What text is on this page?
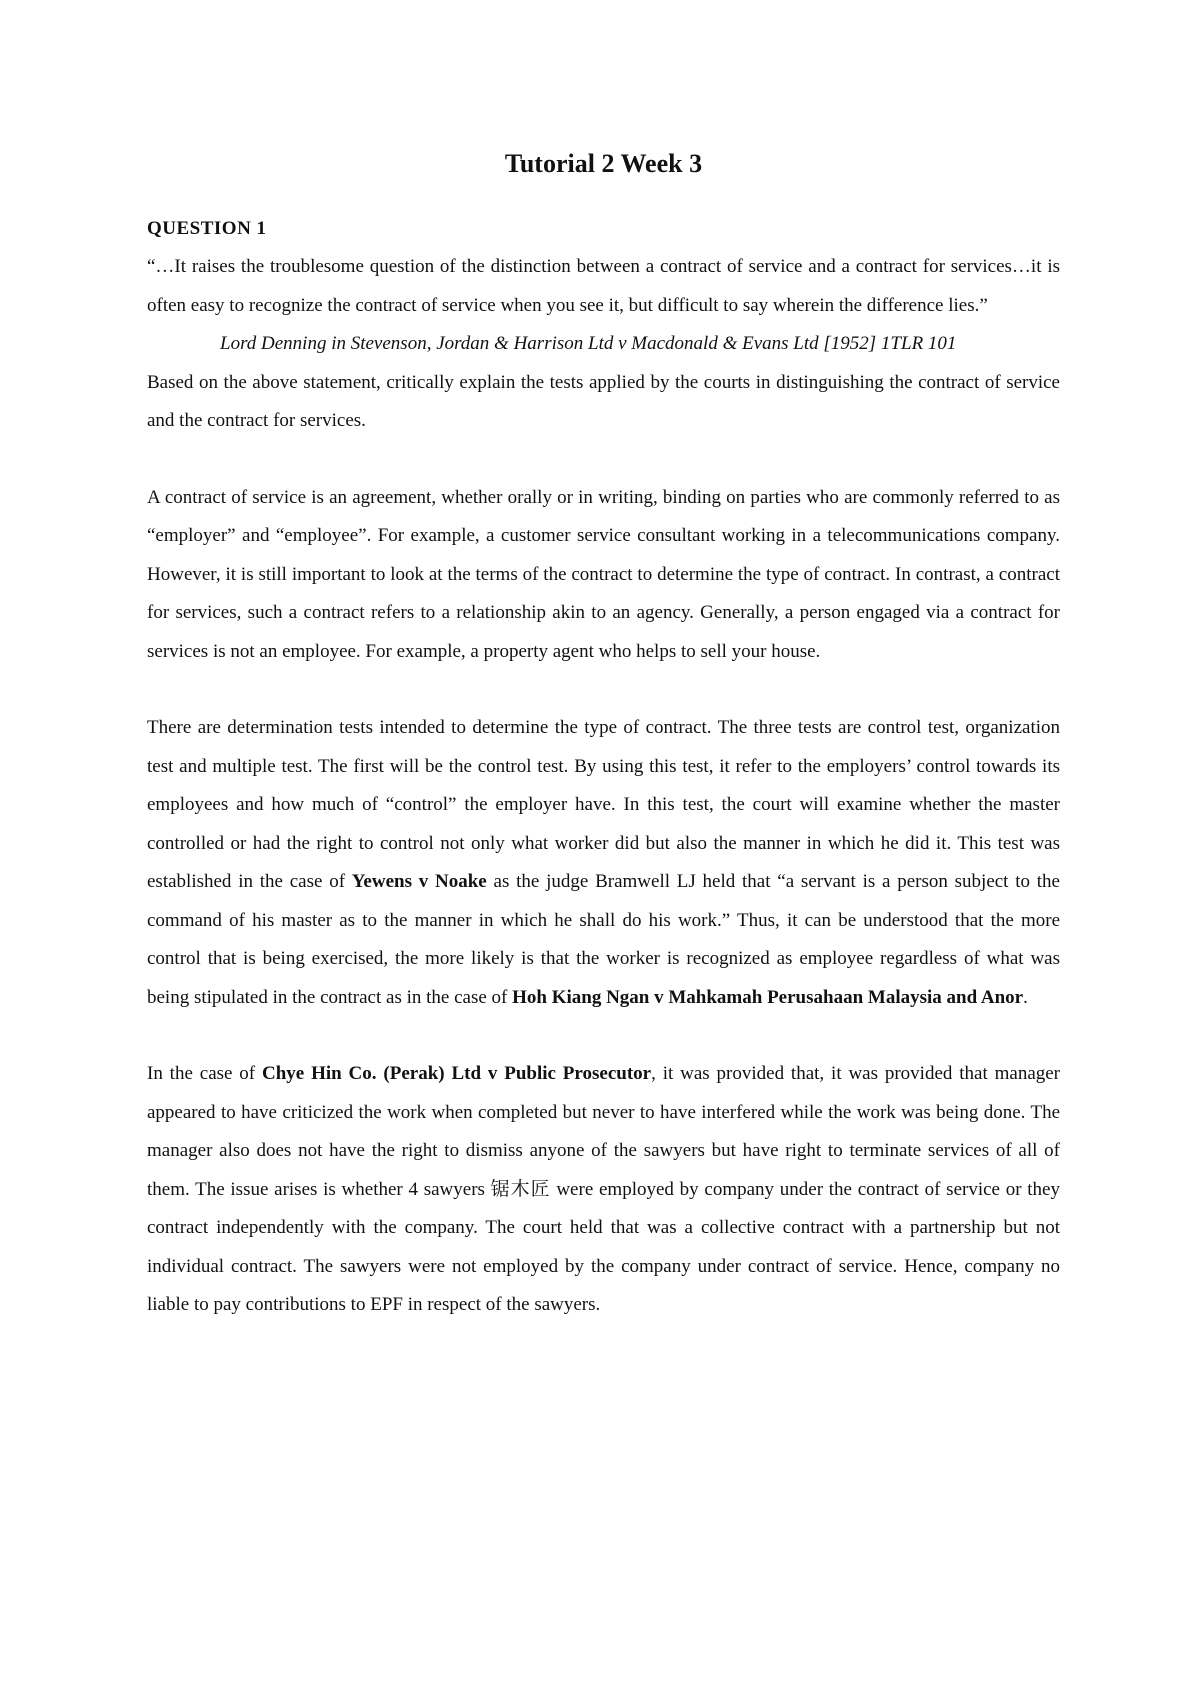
Tutorial 2 Week 3
QUESTION 1

“…It raises the troublesome question of the distinction between a contract of service and a contract for services…it is often easy to recognize the contract of service when you see it, but difficult to say wherein the difference lies.”

Lord Denning in Stevenson, Jordan & Harrison Ltd v Macdonald & Evans Ltd [1952] 1TLR 101

Based on the above statement, critically explain the tests applied by the courts in distinguishing the contract of service and the contract for services.

A contract of service is an agreement, whether orally or in writing, binding on parties who are commonly referred to as “employer” and “employee”. For example, a customer service consultant working in a telecommunications company. However, it is still important to look at the terms of the contract to determine the type of contract. In contrast, a contract for services, such a contract refers to a relationship akin to an agency. Generally, a person engaged via a contract for services is not an employee. For example, a property agent who helps to sell your house.

There are determination tests intended to determine the type of contract. The three tests are control test, organization test and multiple test. The first will be the control test. By using this test, it refer to the employers’ control towards its employees and how much of “control” the employer have. In this test, the court will examine whether the master controlled or had the right to control not only what worker did but also the manner in which he did it. This test was established in the case of Yewens v Noake as the judge Bramwell LJ held that “a servant is a person subject to the command of his master as to the manner in which he shall do his work.” Thus, it can be understood that the more control that is being exercised, the more likely is that the worker is recognized as employee regardless of what was being stipulated in the contract as in the case of Hoh Kiang Ngan v Mahkamah Perusahaan Malaysia and Anor.

In the case of Chye Hin Co. (Perak) Ltd v Public Prosecutor, it was provided that, it was provided that manager appeared to have criticized the work when completed but never to have interfered while the work was being done. The manager also does not have the right to dismiss anyone of the sawyers but have right to terminate services of all of them. The issue arises is whether 4 sawyers 锯木匠 were employed by company under the contract of service or they contract independently with the company. The court held that was a collective contract with a partnership but not individual contract. The sawyers were not employed by the company under contract of service. Hence, company no liable to pay contributions to EPF in respect of the sawyers.
